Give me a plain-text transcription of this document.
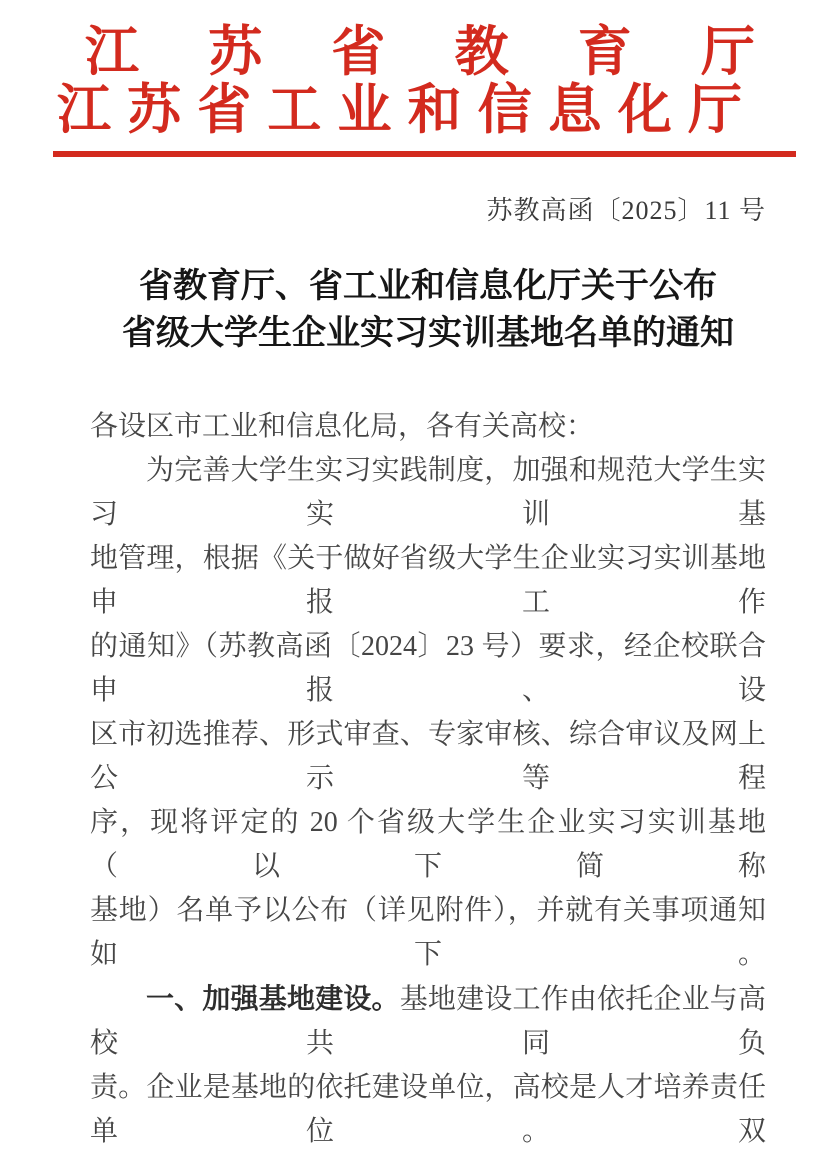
江苏省教育厅
江苏省工业和信息化厅
苏教高函〔2025〕11 号
省教育厅、省工业和信息化厅关于公布
省级大学生企业实习实训基地名单的通知
各设区市工业和信息化局，各有关高校：
为完善大学生实习实践制度，加强和规范大学生实习实训基
地管理，根据《关于做好省级大学生企业实习实训基地申报工作
的通知》（苏教高函〔2024〕23 号）要求，经企校联合申报、设
区市初选推荐、形式审查、专家审核、综合审议及网上公示等程
序，现将评定的 20 个省级大学生企业实习实训基地（以下简称
基地）名单予以公布（详见附件），并就有关事项通知如下。
一、加强基地建设。基地建设工作由依托企业与高校共同负
责。企业是基地的依托建设单位，高校是人才培养责任单位。双
